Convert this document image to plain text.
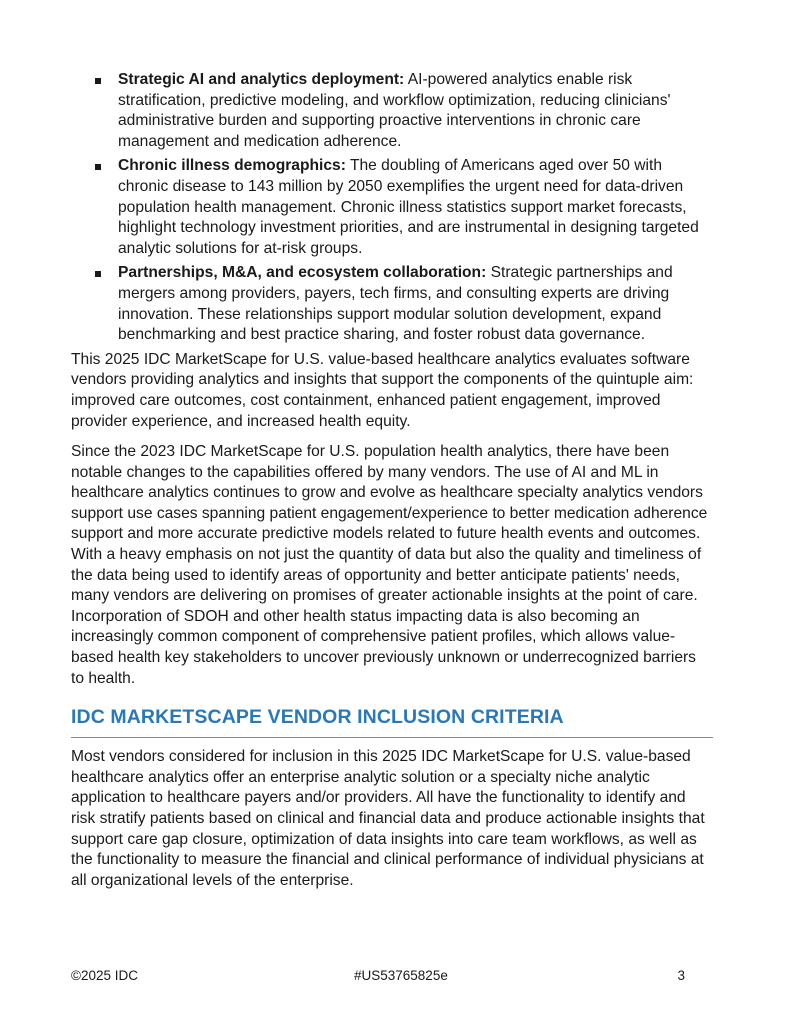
Strategic AI and analytics deployment: AI-powered analytics enable risk stratification, predictive modeling, and workflow optimization, reducing clinicians' administrative burden and supporting proactive interventions in chronic care management and medication adherence.
Chronic illness demographics: The doubling of Americans aged over 50 with chronic disease to 143 million by 2050 exemplifies the urgent need for data-driven population health management. Chronic illness statistics support market forecasts, highlight technology investment priorities, and are instrumental in designing targeted analytic solutions for at-risk groups.
Partnerships, M&A, and ecosystem collaboration: Strategic partnerships and mergers among providers, payers, tech firms, and consulting experts are driving innovation. These relationships support modular solution development, expand benchmarking and best practice sharing, and foster robust data governance.

This 2025 IDC MarketScape for U.S. value-based healthcare analytics evaluates software vendors providing analytics and insights that support the components of the quintuple aim: improved care outcomes, cost containment, enhanced patient engagement, improved provider experience, and increased health equity.

Since the 2023 IDC MarketScape for U.S. population health analytics, there have been notable changes to the capabilities offered by many vendors. The use of AI and ML in healthcare analytics continues to grow and evolve as healthcare specialty analytics vendors support use cases spanning patient engagement/experience to better medication adherence support and more accurate predictive models related to future health events and outcomes. With a heavy emphasis on not just the quantity of data but also the quality and timeliness of the data being used to identify areas of opportunity and better anticipate patients' needs, many vendors are delivering on promises of greater actionable insights at the point of care. Incorporation of SDOH and other health status impacting data is also becoming an increasingly common component of comprehensive patient profiles, which allows value-based health key stakeholders to uncover previously unknown or underrecognized barriers to health.

IDC MARKETSCAPE VENDOR INCLUSION CRITERIA

Most vendors considered for inclusion in this 2025 IDC MarketScape for U.S. value-based healthcare analytics offer an enterprise analytic solution or a specialty niche analytic application to healthcare payers and/or providers. All have the functionality to identify and risk stratify patients based on clinical and financial data and produce actionable insights that support care gap closure, optimization of data insights into care team workflows, as well as the functionality to measure the financial and clinical performance of individual physicians at all organizational levels of the enterprise.

©2025 IDC	#US53765825e	3
